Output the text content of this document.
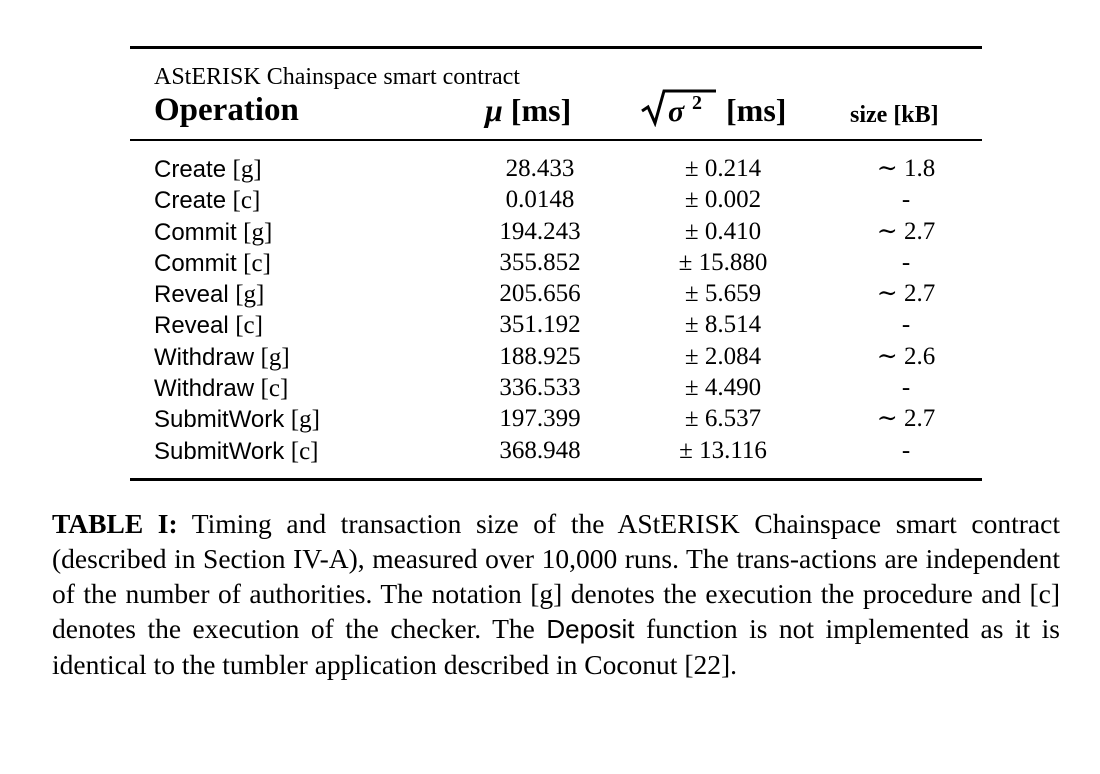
AStERISK Chainspace smart contract
Operation	μ [ms]	σ 2 [ms]	size [kB]
Create [g]	28.433	± 0.214	∼ 1.8
Create [c]	0.0148	± 0.002	-
Commit [g]	194.243	± 0.410	∼ 2.7
Commit [c]	355.852	± 15.880	-
Reveal [g]	205.656	± 5.659	∼ 2.7
Reveal [c]	351.192	± 8.514	-
Withdraw [g]	188.925	± 2.084	∼ 2.6
Withdraw [c]	336.533	± 4.490	-
SubmitWork [g]	197.399	± 6.537	∼ 2.7
SubmitWork [c]	368.948	± 13.116	-
TABLE I: Timing and transaction size of the AStERISK Chainspace smart contract (described in Section IV-A), measured over 10,000 runs. The trans-actions are independent of the number of authorities. The notation [g] denotes the execution the procedure and [c] denotes the execution of the checker. The Deposit function is not implemented as it is identical to the tumbler application described in Coconut [22].
